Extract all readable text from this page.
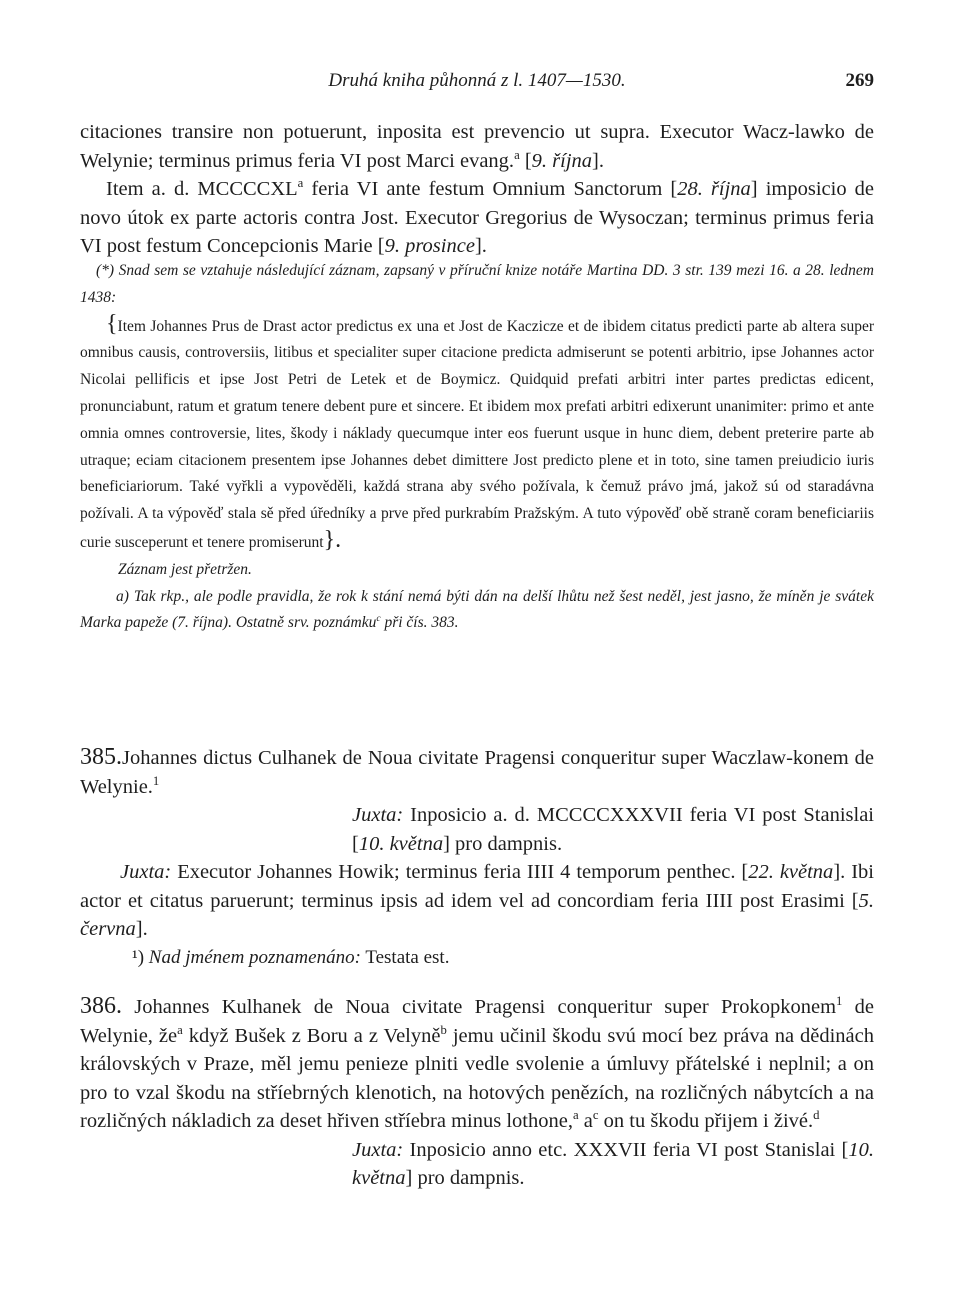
Druhá kniha půhonná z l. 1407—1530.	269

citaciones transire non potuerunt, inposita est prevencio ut supra. Executor Wacz-lawko de Welynie; terminus primus feria VI post Marci evang.$^a$ [9. října].

Item a. d. MCCCCXL$^a$ feria VI ante festum Omnium Sanctorum [28. října] imposicio de novo útok ex parte actoris contra Jost. Executor Gregorius de Wysoczan; terminus primus feria VI post festum Concepcionis Marie [9. prosince].

(*) Snad sem se vztahuje následující záznam, zapsaný v příruční knize notáře Martina DD. 3 str. 139 mezi 16. a 28. lednem 1438:

{Item Johannes Prus de Drast actor predictus ex una et Jost de Kaczicze et de ibidem citatus predicti parte ab altera super omnibus causis, controversiis, litibus et specialiter super citacione predicta admiserunt se potenti arbitrio, ipse Johannes actor Nicolai pellificis et ipse Jost Petri de Letek et de Boymicz. Quidquid prefati arbitri inter partes predictas edicent, pronunciabunt, ratum et gratum tenere debent pure et sincere. Et ibidem mox prefati arbitri edixerunt unanimiter: primo et ante omnia omnes controversie, lites, škody i náklady quecumque inter eos fuerunt usque in hunc diem, debent preterire parte ab utraque; eciam citacionem presentem ipse Johannes debet dimittere Jost predicto plene et in toto, sine tamen preiudicio iuris beneficiariorum. Také vyřkli a vypověděli, každá strana aby svého požívala, k čemuž právo jmá, jakož sú od staradávna požívali. A ta výpověď stala sě před úředníky a prve před purkrabím Pražským. A tuto výpověď obě straně coram beneficiariis curie susceperunt et tenere promiserunt}.

Záznam jest přetržen.

a) Tak rkp., ale podle pravidla, že rok k stání nemá býti dán na delší lhůtu než šest neděl, jest jasno, že míněn je svátek Marka papeže (7. října). Ostatně srv. poznámku$^c$ při čís. 383.

385.Johannes dictus Culhanek de Noua civitate Pragensi conqueritur super Waczlaw-konem de Welynie.$^1$

Juxta: Inposicio a. d. MCCCCXXXVII feria VI post Stanislai [10. května] pro dampnis.

Juxta: Executor Johannes Howik; terminus feria IIII 4 temporum penthec. [22. května]. Ibi actor et citatus paruerunt; terminus ipsis ad idem vel ad concordiam feria IIII post Erasimi [5. června].

¹) Nad jménem poznamenáno: Testata est.

386. Johannes Kulhanek de Noua civitate Pragensi conqueritur super Prokopkonem$^1$ de Welynie, $že^a$ když Bušek z Boru a z Velyně$^b$ jemu učinil škodu svú mocí bez práva na dědinách královských v Praze, měl jemu penieze plniti vedle svolenie a úmluvy přátelské i neplnil; a on pro to vzal škodu na stříebrných klenotich, na hotových penězích, na rozličných nábytcích a na rozličných nákladich za deset hřiven stříebra minus lothone,$^a$ $a^c$ on tu škodu přijem i živé.$^d$

Juxta: Inposicio anno etc. XXXVII feria VI post Stanislai [10. května] pro dampnis.
